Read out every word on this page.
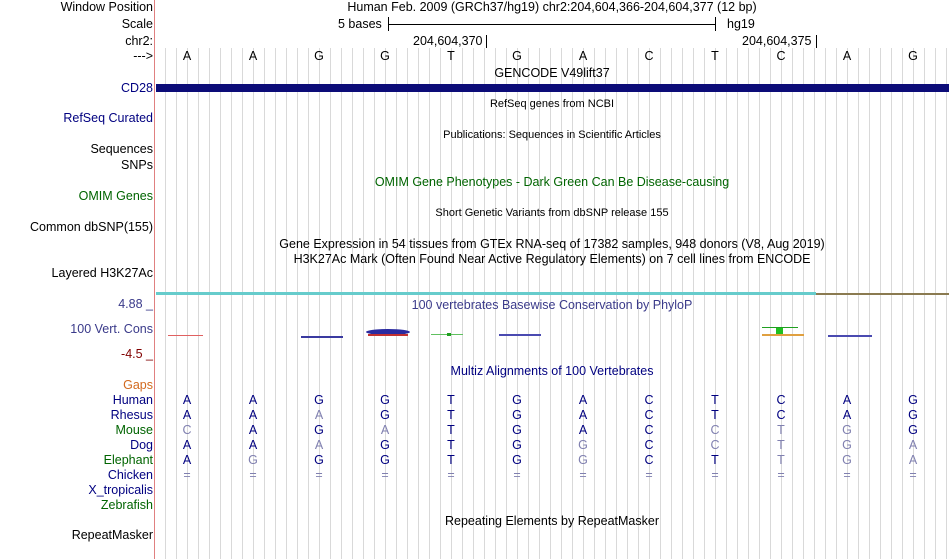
Window Position
Scale
chr2:
--->
Human Feb. 2009 (GRCh37/hg19) chr2:204,604,366-204,604,377 (12 bp)
5 bases	hg19
204,604,370	204,604,375
A	A	G	G	T	G	A	C	T	C	A	G
GENCODE V49lift37
CD28
RefSeq genes from NCBI
RefSeq Curated
Publications: Sequences in Scientific Articles
Sequences
SNPs
OMIM Gene Phenotypes - Dark Green Can Be Disease-causing
OMIM Genes
Short Genetic Variants from dbSNP release 155
Common dbSNP(155)
Gene Expression in 54 tissues from GTEx RNA-seq of 17382 samples, 948 donors (V8, Aug 2019)
H3K27Ac Mark (Often Found Near Active Regulatory Elements) on 7 cell lines from ENCODE
Layered H3K27Ac
100 vertebrates Basewise Conservation by PhyloP
4.88 _
100 Vert. Cons
-4.5 _
Multiz Alignments of 100 Vertebrates
Gaps
Human	A	A	G	G	T	G	A	C	T	C	A	G
Rhesus	A	A	A	G	T	G	A	C	T	C	A	G
Mouse	C	A	G	A	T	G	A	C	C	T	G	G
Dog	A	A	A	G	T	G	G	C	C	T	G	A
Elephant	A	G	G	G	T	G	G	C	T	T	G	A
Chicken	=	=	=	=	=	=	=	=	=	=	=	=
X_tropicalis
Zebrafish
Repeating Elements by RepeatMasker
RepeatMasker
